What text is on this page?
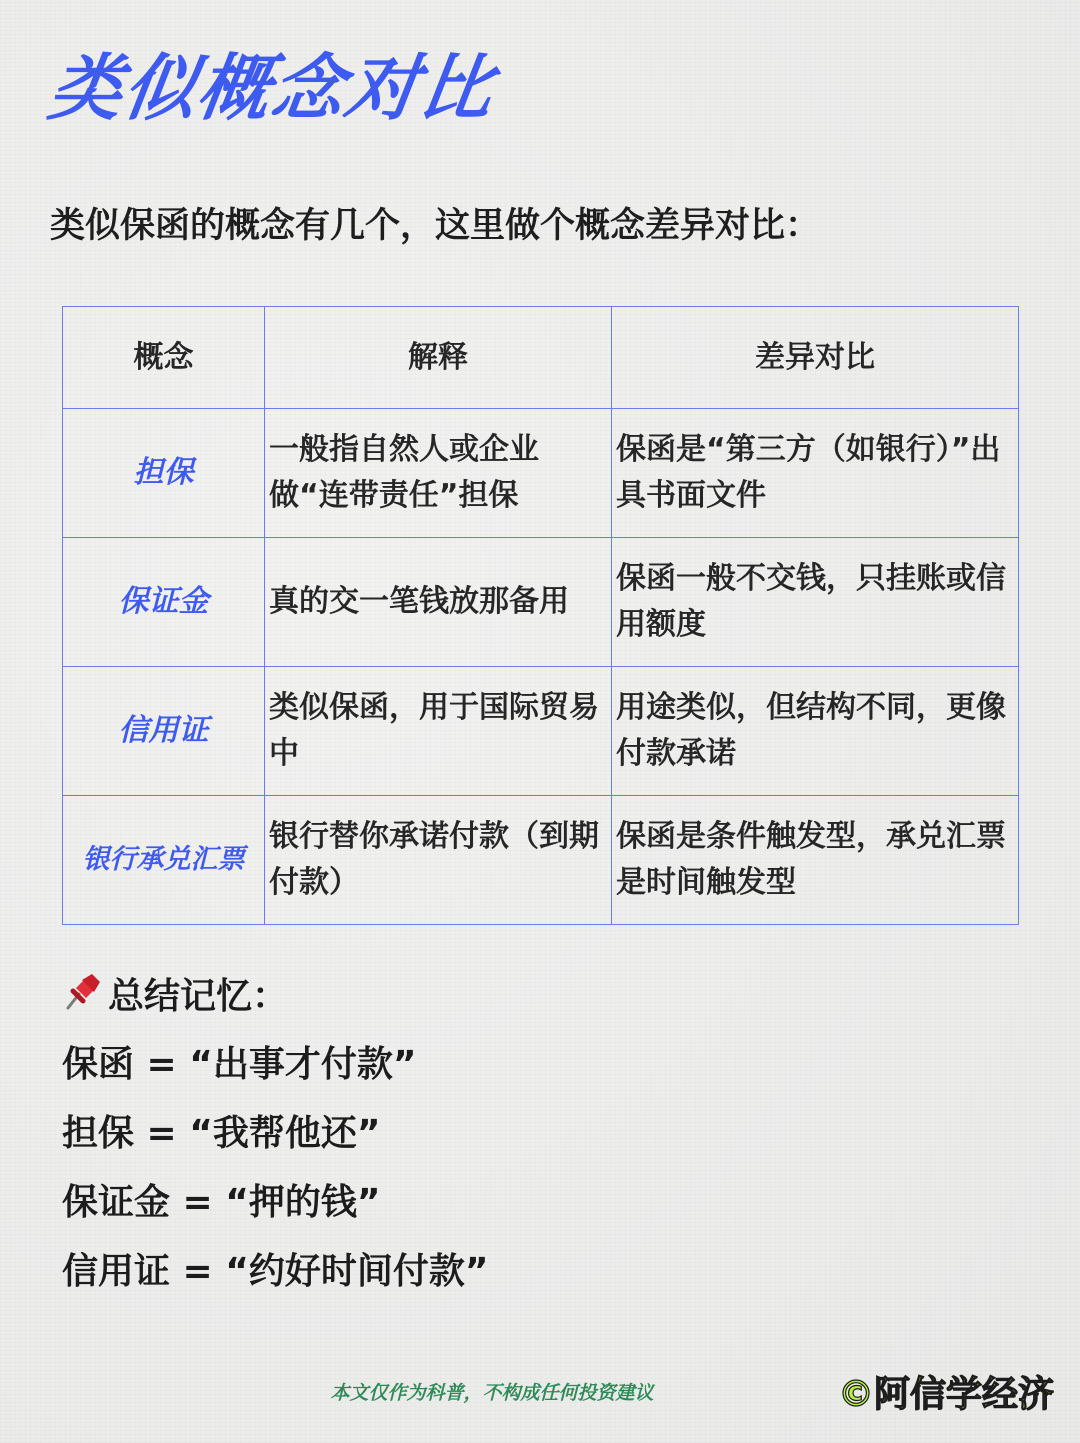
类似概念对比
类似保函的概念有几个，这里做个概念差异对比：
概念	解释	差异对比
担保	一般指自然人或企业做“连带责任”担保	保函是“第三方（如银行）”出具书面文件
保证金	真的交一笔钱放那备用	保函一般不交钱，只挂账或信用额度
信用证	类似保函，用于国际贸易中	用途类似，但结构不同，更像付款承诺
银行承兑汇票	银行替你承诺付款（到期付款）	保函是条件触发型，承兑汇票是时间触发型
总结记忆：
保函 = “出事才付款”
担保 = “我帮他还”
保证金 = “押的钱”
信用证 = “约好时间付款”
本文仅作为科普，不构成任何投资建议	©阿信学经济
